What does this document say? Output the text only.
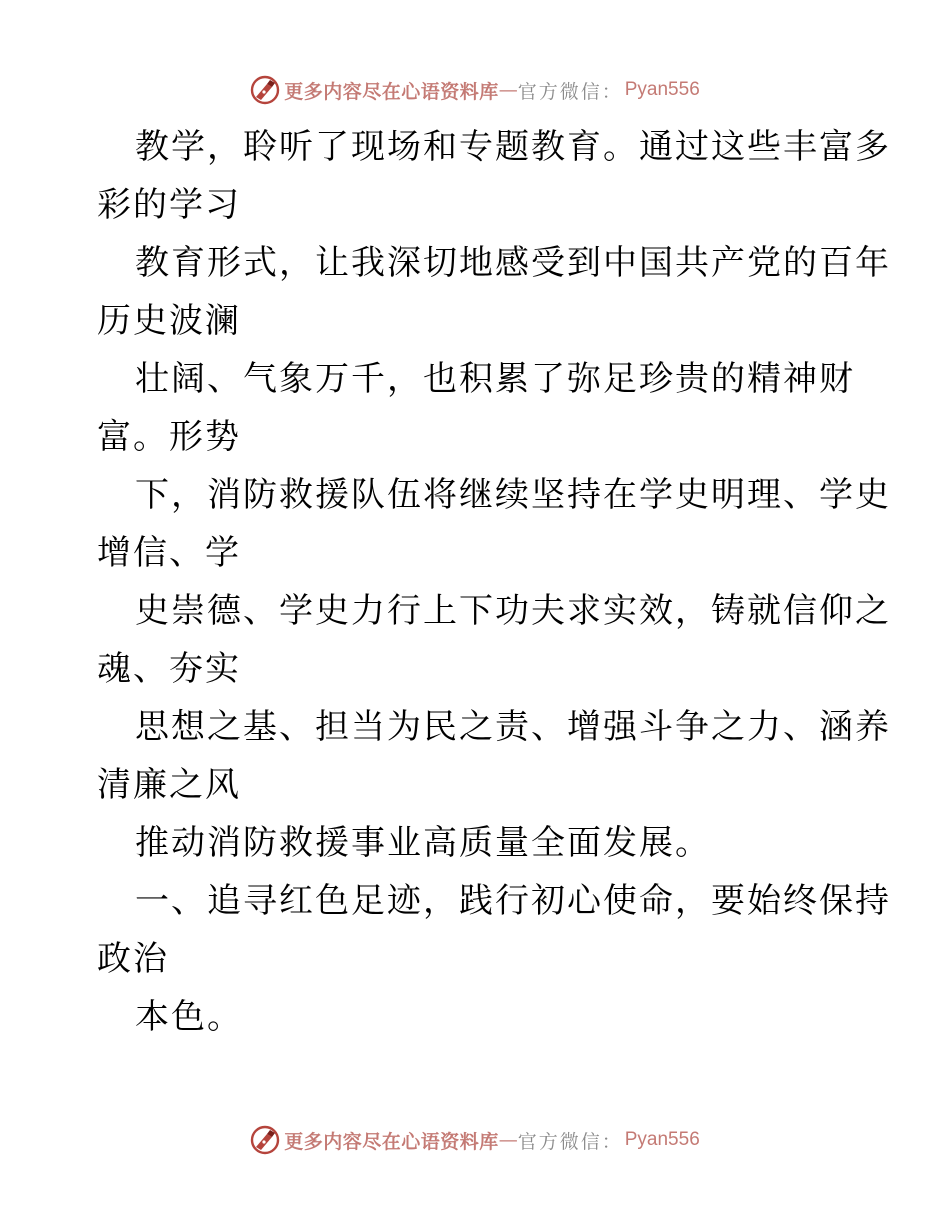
更多内容尽在心语资料库 — 官方微信： Pyan556
教学，聆听了现场和专题教育。通过这些丰富多
彩的学习
教育形式，让我深切地感受到中国共产党的百年
历史波澜
壮阔、气象万千，也积累了弥足珍贵的精神财
富。形势
下，消防救援队伍将继续坚持在学史明理、学史
增信、学
史崇德、学史力行上下功夫求实效，铸就信仰之
魂、夯实
思想之基、担当为民之责、增强斗争之力、涵养
清廉之风
推动消防救援事业高质量全面发展。
一、追寻红色足迹，践行初心使命，要始终保持
政治
本色。
更多内容尽在心语资料库 — 官方微信： Pyan556
